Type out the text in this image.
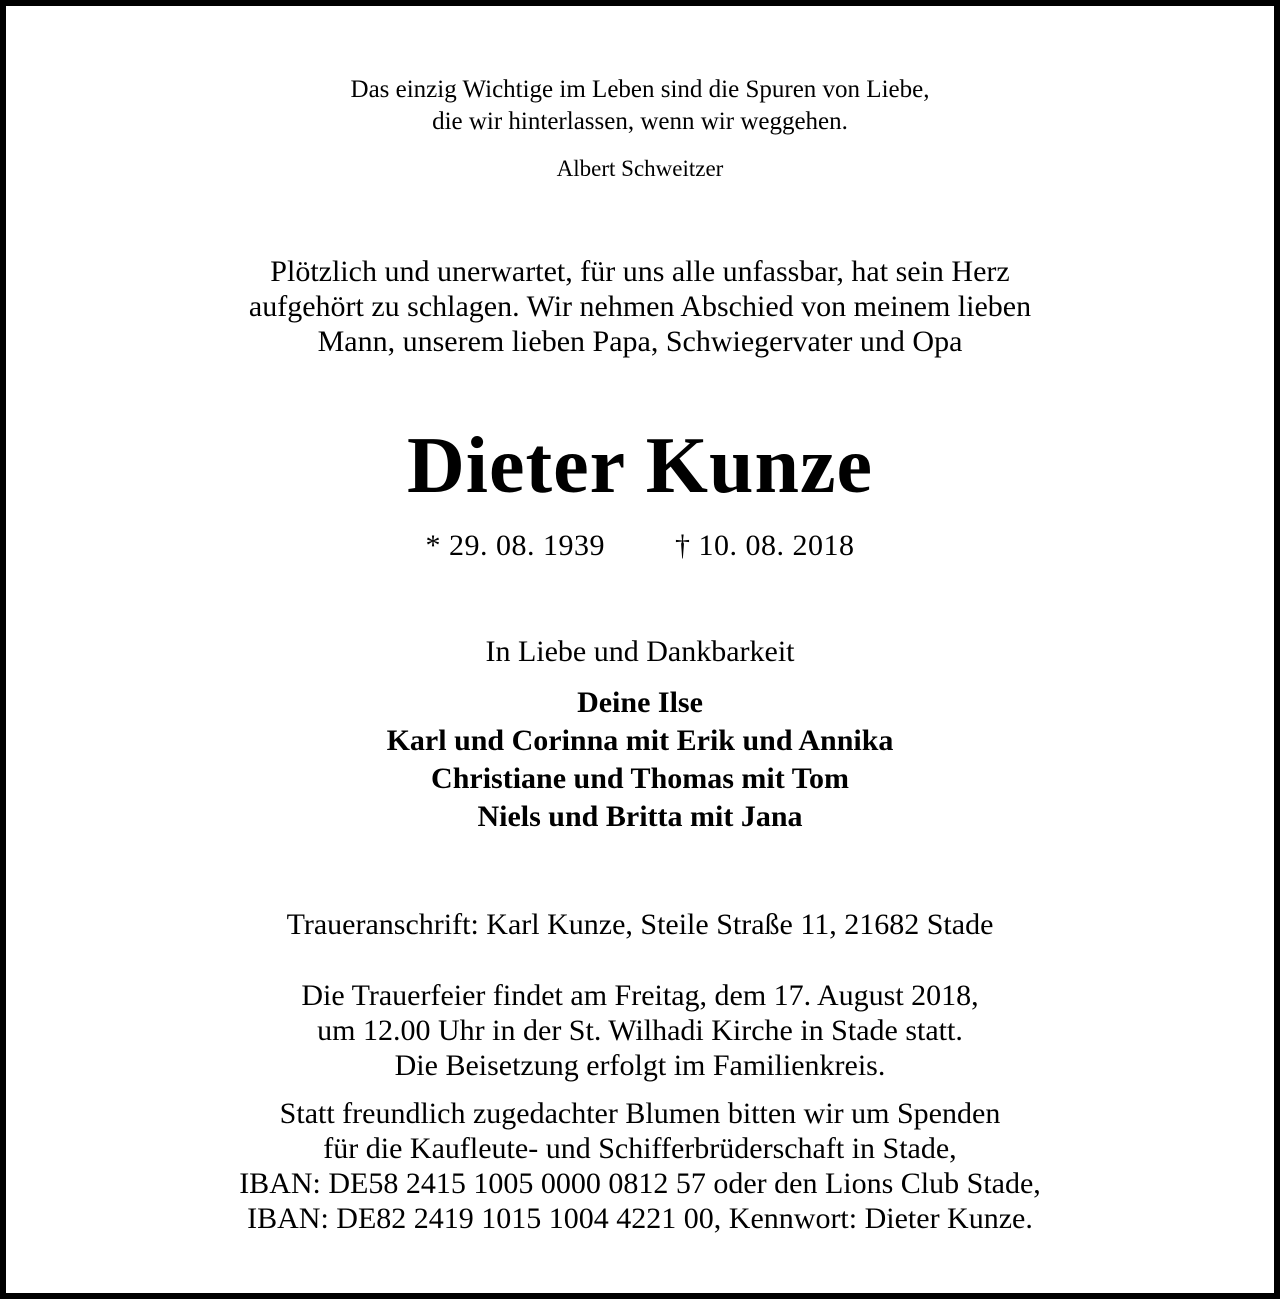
Das einzig Wichtige im Leben sind die Spuren von Liebe,
die wir hinterlassen, wenn wir weggehen.

Albert Schweitzer

Plötzlich und unerwartet, für uns alle unfassbar, hat sein Herz
aufgehört zu schlagen. Wir nehmen Abschied von meinem lieben
Mann, unserem lieben Papa, Schwiegervater und Opa

Dieter Kunze

* 29. 08. 1939 † 10. 08. 2018

In Liebe und Dankbarkeit

Deine Ilse
Karl und Corinna mit Erik und Annika
Christiane und Thomas mit Tom
Niels und Britta mit Jana

Traueranschrift: Karl Kunze, Steile Straße 11, 21682 Stade

Die Trauerfeier findet am Freitag, dem 17. August 2018,
um 12.00 Uhr in der St. Wilhadi Kirche in Stade statt.
Die Beisetzung erfolgt im Familienkreis.

Statt freundlich zugedachter Blumen bitten wir um Spenden
für die Kaufleute- und Schifferbrüderschaft in Stade,
IBAN: DE58 2415 1005 0000 0812 57 oder den Lions Club Stade,
IBAN: DE82 2419 1015 1004 4221 00, Kennwort: Dieter Kunze.
